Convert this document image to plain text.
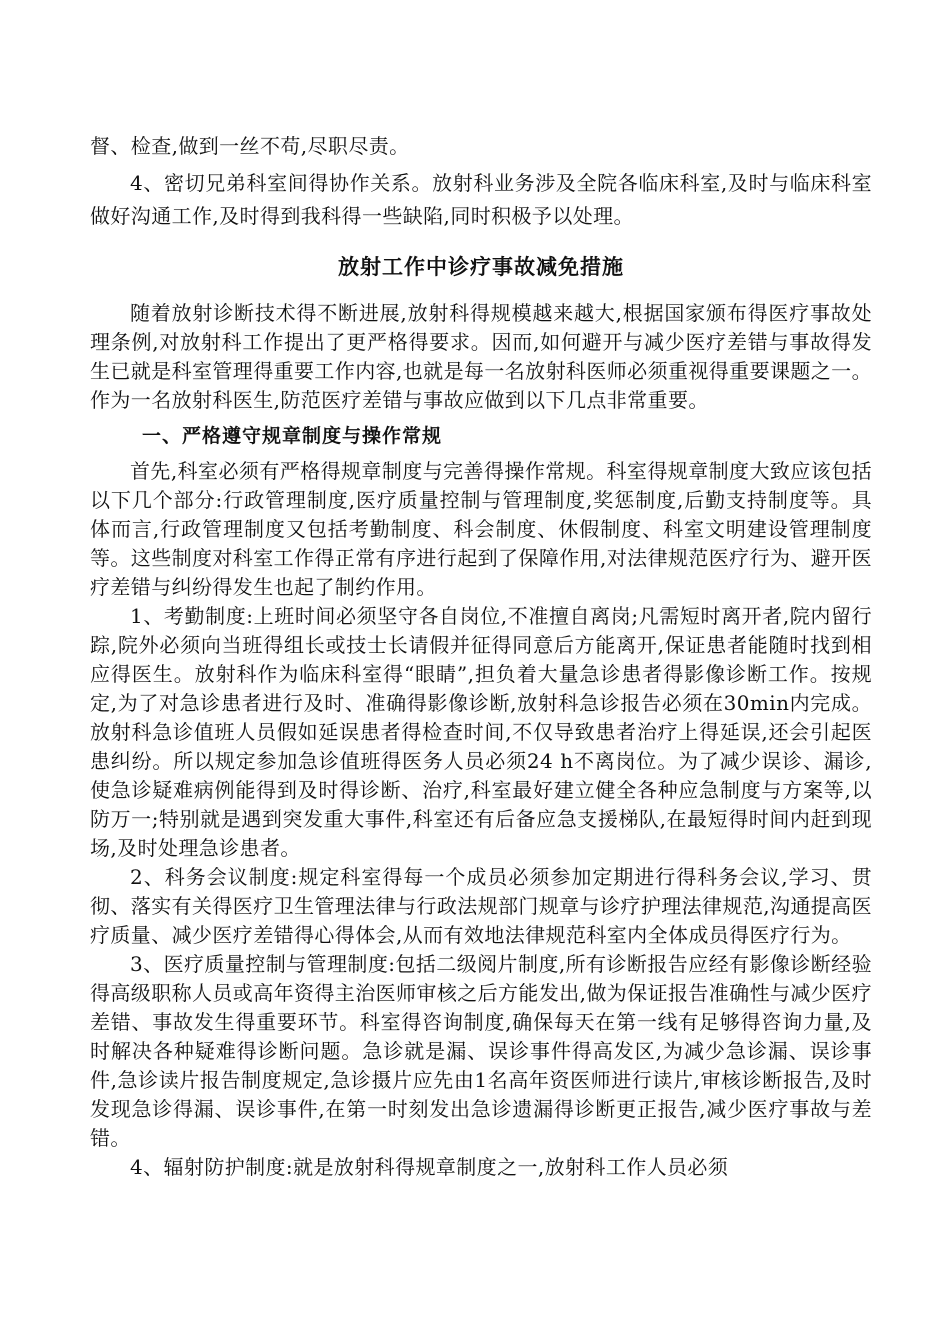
督、检查,做到一丝不苟,尽职尽责。

4、密切兄弟科室间得协作关系。放射科业务涉及全院各临床科室,及时与临床科室做好沟通工作,及时得到我科得一些缺陷,同时积极予以处理。

放射工作中诊疗事故减免措施

随着放射诊断技术得不断进展,放射科得规模越来越大,根据国家颁布得医疗事故处理条例,对放射科工作提出了更严格得要求。因而,如何避开与减少医疗差错与事故得发生已就是科室管理得重要工作内容,也就是每一名放射科医师必须重视得重要课题之一。作为一名放射科医生,防范医疗差错与事故应做到以下几点非常重要。

一、严格遵守规章制度与操作常规

首先,科室必须有严格得规章制度与完善得操作常规。科室得规章制度大致应该包括以下几个部分:行政管理制度,医疗质量控制与管理制度,奖惩制度,后勤支持制度等。具体而言,行政管理制度又包括考勤制度、科会制度、休假制度、科室文明建设管理制度等。这些制度对科室工作得正常有序进行起到了保障作用,对法律规范医疗行为、避开医疗差错与纠纷得发生也起了制约作用。

1、考勤制度:上班时间必须坚守各自岗位,不准擅自离岗;凡需短时离开者,院内留行踪,院外必须向当班得组长或技士长请假并征得同意后方能离开,保证患者能随时找到相应得医生。放射科作为临床科室得“眼睛”,担负着大量急诊患者得影像诊断工作。按规定,为了对急诊患者进行及时、准确得影像诊断,放射科急诊报告必须在30min内完成。放射科急诊值班人员假如延误患者得检查时间,不仅导致患者治疗上得延误,还会引起医患纠纷。所以规定参加急诊值班得医务人员必须24 h不离岗位。为了减少误诊、漏诊,使急诊疑难病例能得到及时得诊断、治疗,科室最好建立健全各种应急制度与方案等,以防万一;特别就是遇到突发重大事件,科室还有后备应急支援梯队,在最短得时间内赶到现场,及时处理急诊患者。

2、科务会议制度:规定科室得每一个成员必须参加定期进行得科务会议,学习、贯彻、落实有关得医疗卫生管理法律与行政法规部门规章与诊疗护理法律规范,沟通提高医疗质量、减少医疗差错得心得体会,从而有效地法律规范科室内全体成员得医疗行为。

3、医疗质量控制与管理制度:包括二级阅片制度,所有诊断报告应经有影像诊断经验得高级职称人员或高年资得主治医师审核之后方能发出,做为保证报告准确性与减少医疗差错、事故发生得重要环节。科室得咨询制度,确保每天在第一线有足够得咨询力量,及时解决各种疑难得诊断问题。急诊就是漏、误诊事件得高发区,为减少急诊漏、误诊事件,急诊读片报告制度规定,急诊摄片应先由1名高年资医师进行读片,审核诊断报告,及时发现急诊得漏、误诊事件,在第一时刻发出急诊遗漏得诊断更正报告,减少医疗事故与差错。

4、辐射防护制度:就是放射科得规章制度之一,放射科工作人员必须
